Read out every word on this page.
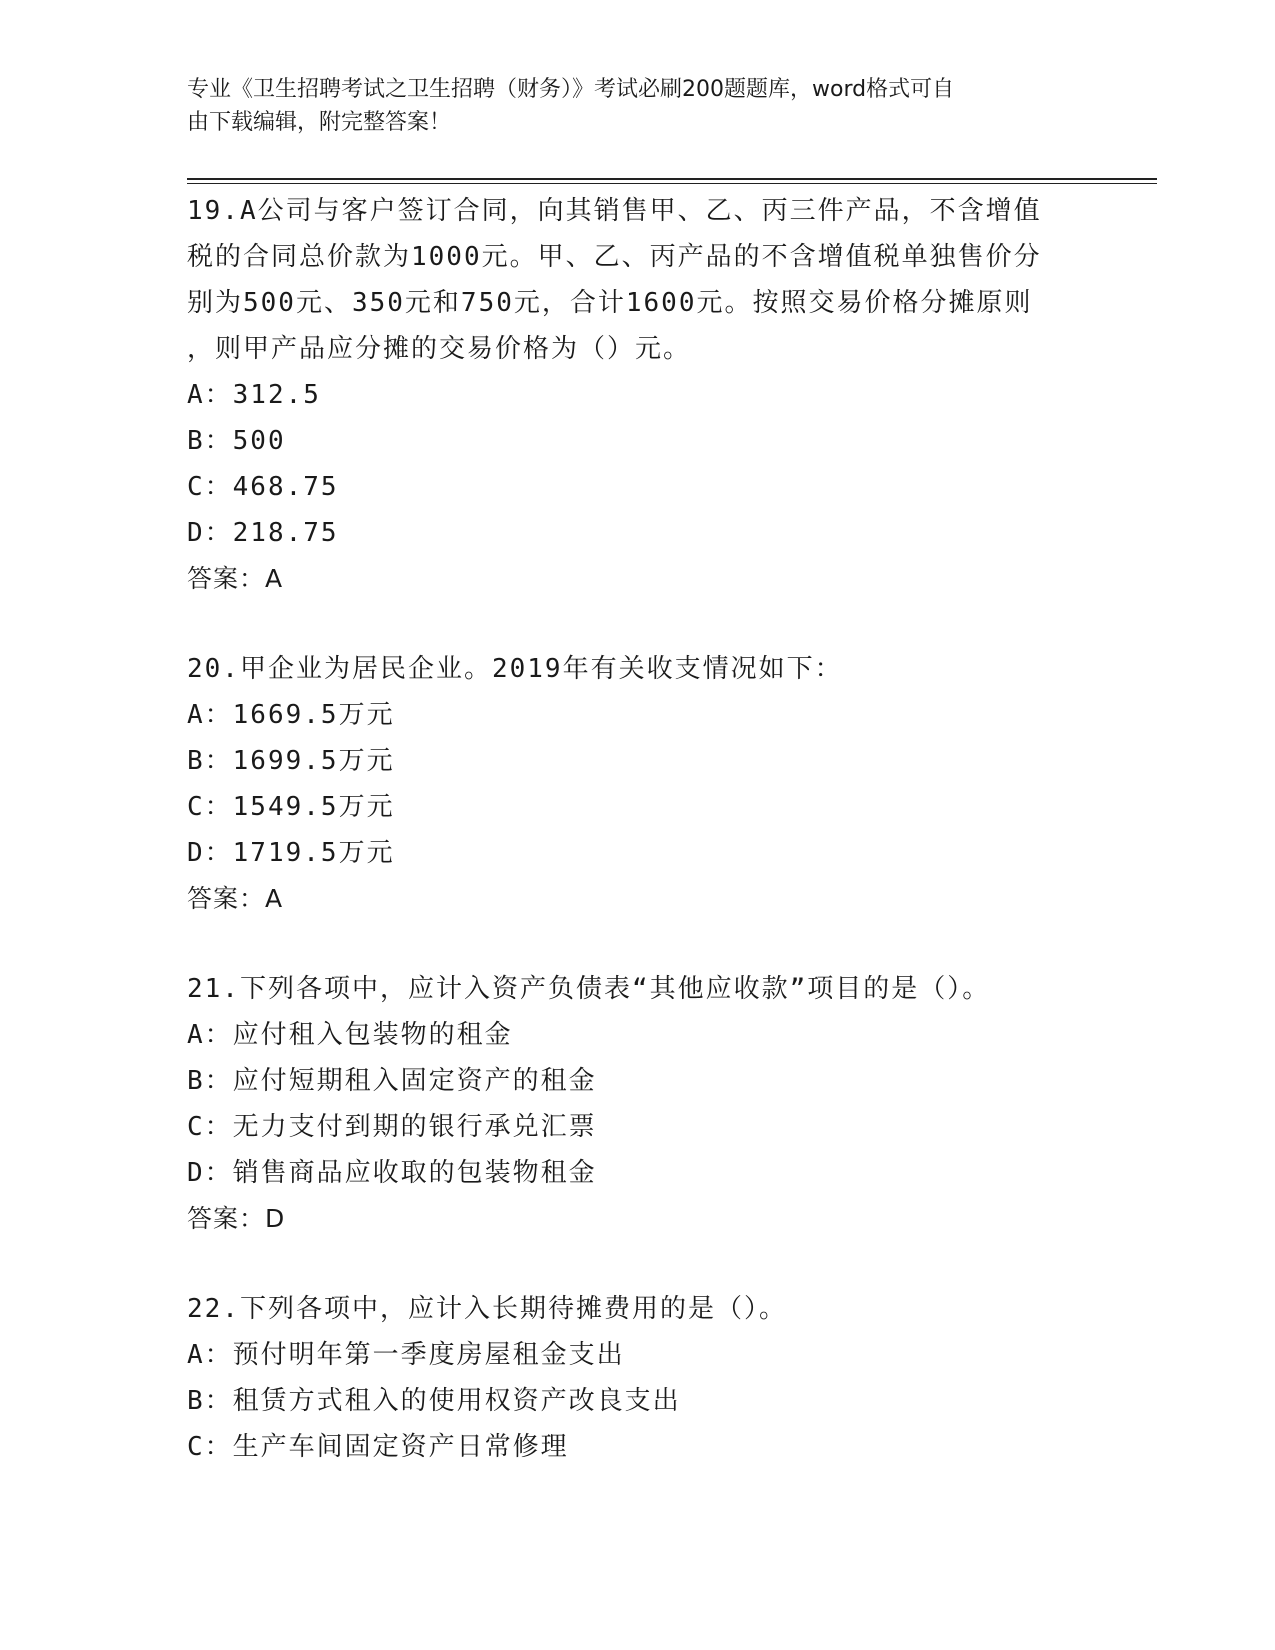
专业《卫生招聘考试之卫生招聘（财务）》考试必刷200题题库，word格式可自
由下载编辑，附完整答案！
19.A公司与客户签订合同，向其销售甲、乙、丙三件产品，不含增值
税的合同总价款为1000元。甲、乙、丙产品的不含增值税单独售价分
别为500元、350元和750元，合计1600元。按照交易价格分摊原则
，则甲产品应分摊的交易价格为（）元。
A：312.5
B：500
C：468.75
D：218.75
答案：A
20.甲企业为居民企业。2019年有关收支情况如下：
A：1669.5万元
B：1699.5万元
C：1549.5万元
D：1719.5万元
答案：A
21.下列各项中，应计入资产负债表“其他应收款”项目的是（）。
A：应付租入包装物的租金
B：应付短期租入固定资产的租金
C：无力支付到期的银行承兑汇票
D：销售商品应收取的包装物租金
答案：D
22.下列各项中，应计入长期待摊费用的是（）。
A：预付明年第一季度房屋租金支出
B：租赁方式租入的使用权资产改良支出
C：生产车间固定资产日常修理
